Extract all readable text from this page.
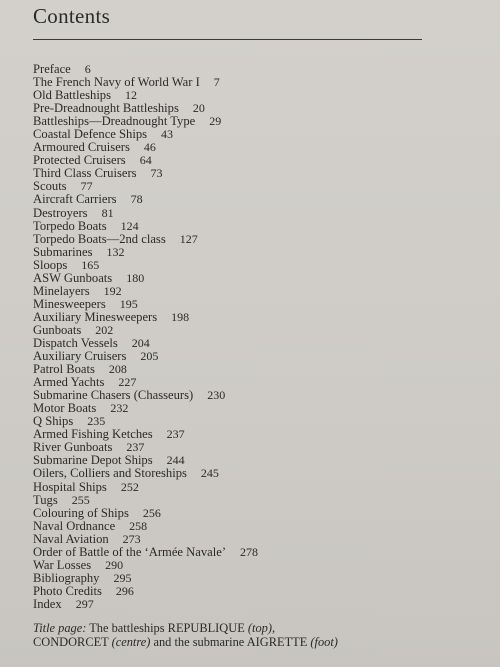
Contents
Preface 6
The French Navy of World War I 7
Old Battleships 12
Pre-Dreadnought Battleships 20
Battleships—Dreadnought Type 29
Coastal Defence Ships 43
Armoured Cruisers 46
Protected Cruisers 64
Third Class Cruisers 73
Scouts 77
Aircraft Carriers 78
Destroyers 81
Torpedo Boats 124
Torpedo Boats—2nd class 127
Submarines 132
Sloops 165
ASW Gunboats 180
Minelayers 192
Minesweepers 195
Auxiliary Minesweepers 198
Gunboats 202
Dispatch Vessels 204
Auxiliary Cruisers 205
Patrol Boats 208
Armed Yachts 227
Submarine Chasers (Chasseurs) 230
Motor Boats 232
Q Ships 235
Armed Fishing Ketches 237
River Gunboats 237
Submarine Depot Ships 244
Oilers, Colliers and Storeships 245
Hospital Ships 252
Tugs 255
Colouring of Ships 256
Naval Ordnance 258
Naval Aviation 273
Order of Battle of the ‘Armée Navale’ 278
War Losses 290
Bibliography 295
Photo Credits 296
Index 297

Title page: The battleships REPUBLIQUE (top),
CONDORCET (centre) and the submarine AIGRETTE (foot)
